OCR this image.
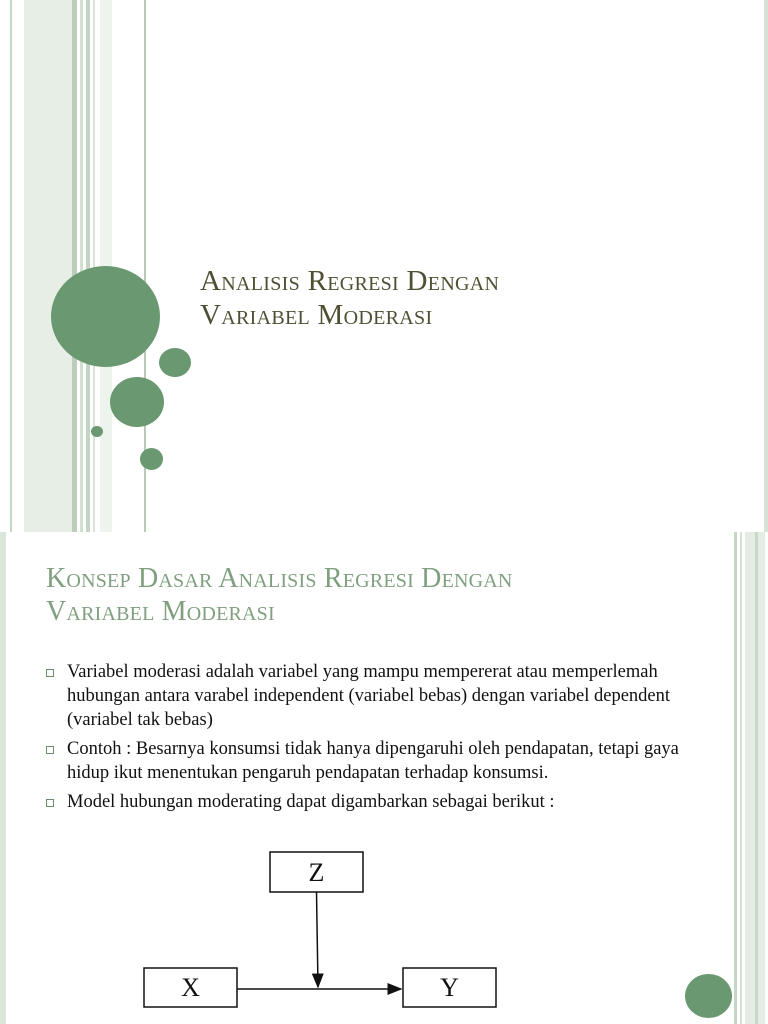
Analisis Regresi Dengan
Variabel Moderasi
Konsep Dasar Analisis Regresi Dengan
Variabel Moderasi
Variabel moderasi adalah variabel yang mampu mempererat atau memperlemah hubungan antara varabel independent (variabel bebas) dengan variabel dependent (variabel tak bebas)
Contoh : Besarnya konsumsi tidak hanya dipengaruhi oleh pendapatan, tetapi gaya hidup ikut menentukan pengaruh pendapatan terhadap konsumsi.
Model hubungan moderating dapat digambarkan sebagai berikut :
Z
X	Y
